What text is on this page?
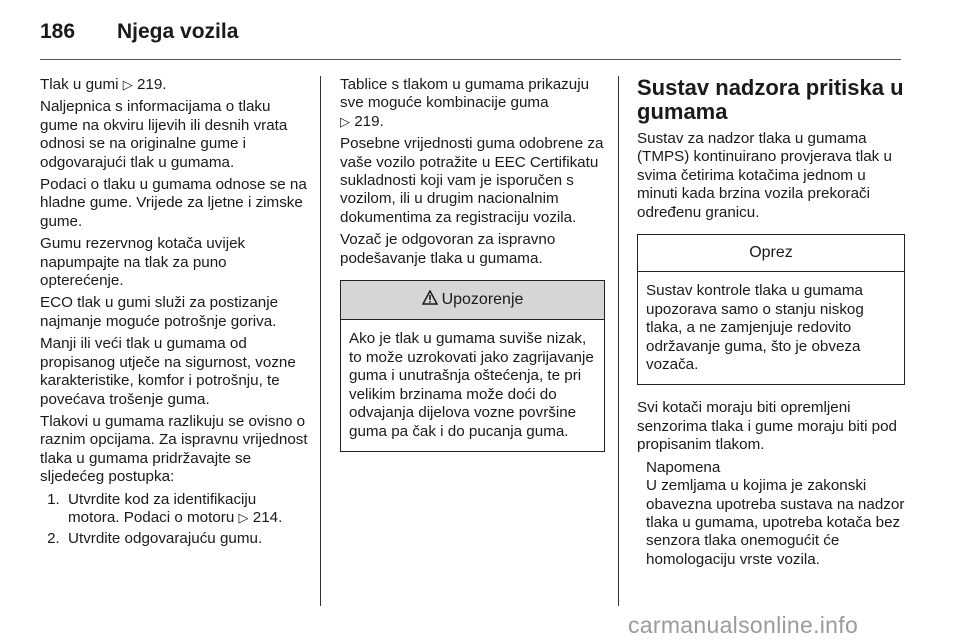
186	Njega vozila

Tlak u gumi ▷ 219.

Naljepnica s informacijama o tlaku gume na okviru lijevih ili desnih vrata odnosi se na originalne gume i odgovarajući tlak u gumama.

Podaci o tlaku u gumama odnose se na hladne gume. Vrijede za ljetne i zimske gume.

Gumu rezervnog kotača uvijek napumpajte na tlak za puno opterećenje.

ECO tlak u gumi služi za postizanje najmanje moguće potrošnje goriva.

Manji ili veći tlak u gumama od propisanog utječe na sigurnost, vozne karakteristike, komfor i potrošnju, te povećava trošenje guma.

Tlakovi u gumama razlikuju se ovisno o raznim opcijama. Za ispravnu vrijednost tlaka u gumama pridržavajte se sljedećeg postupka:

1. Utvrdite kod za identifikaciju motora. Podaci o motoru ▷ 214.
2. Utvrdite odgovarajuću gumu.

Tablice s tlakom u gumama prikazuju sve moguće kombinacije guma
▷ 219.

Posebne vrijednosti guma odobrene za vaše vozilo potražite u EEC Certifikatu sukladnosti koji vam je isporučen s vozilom, ili u drugim nacionalnim dokumentima za registraciju vozila.

Vozač je odgovoran za ispravno podešavanje tlaka u gumama.

Upozorenje
Ako je tlak u gumama suviše nizak, to može uzrokovati jako zagrijavanje guma i unutrašnja oštećenja, te pri velikim brzinama može doći do odvajanja dijelova vozne površine guma pa čak i do pucanja guma.
Sustav nadzora pritiska u gumama

Sustav za nadzor tlaka u gumama (TMPS) kontinuirano provjerava tlak u svima četirima kotačima jednom u minuti kada brzina vozila prekorači određenu granicu.

Oprez
Sustav kontrole tlaka u gumama upozorava samo o stanju niskog tlaka, a ne zamjenjuje redovito održavanje guma, što je obveza vozača.

Svi kotači moraju biti opremljeni senzorima tlaka i gume moraju biti pod propisanim tlakom.

Napomena

U zemljama u kojima je zakonski obavezna upotreba sustava na nadzor tlaka u gumama, upotreba kotača bez senzora tlaka onemogućit će homologaciju vrste vozila.

carmanualsonline.info
